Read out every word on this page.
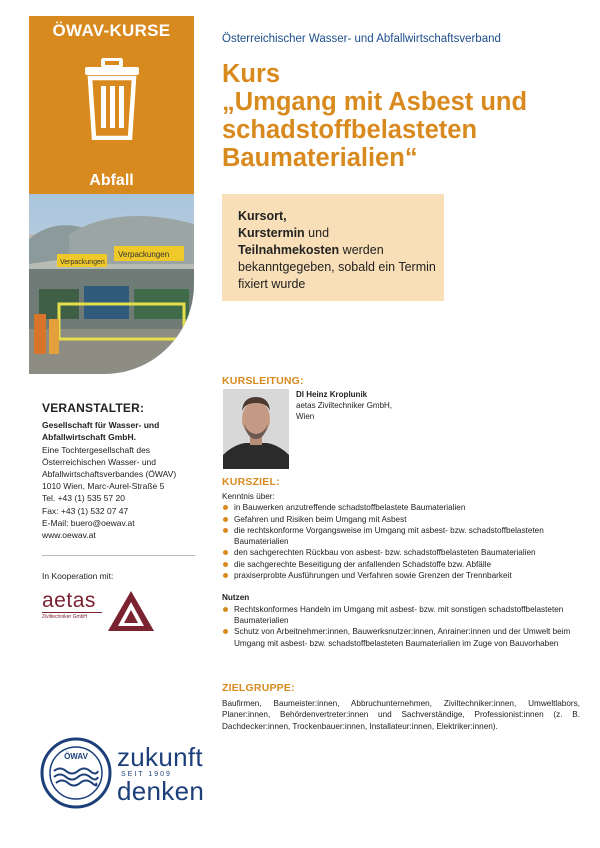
ÖWAV-KURSE
Abfall
Verpackungen
Verpackungen
VERANSTALTER:
Gesellschaft für Wasser- und Abfallwirtschaft GmbH.
Eine Tochtergesellschaft des Österreichischen Wasser- und Abfallwirtschaftsverbandes (ÖWAV)
1010 Wien, Marc-Aurel-Straße 5
Tel. +43 (1) 535 57 20
Fax: +43 (1) 532 07 47
E-Mail: buero@oewav.at
www.oewav.at
In Kooperation mit:
aetas
Ziviltechniker GmbH
ÖWAV zukunft
SEIT 1909
denken
Österreichischer Wasser- und Abfallwirtschaftsverband
Kurs
„Umgang mit Asbest und
schadstoffbelasteten
Baumaterialien“
Kursort,
Kurstermin und
Teilnahmekosten werden bekanntgegeben, sobald ein Termin fixiert wurde
KURSLEITUNG:
DI Heinz Kroplunik
aetas Ziviltechniker GmbH,
Wien
KURSZIEL:
Kenntnis über:
in Bauwerken anzutreffende schadstoffbelastete Baumaterialien
Gefahren und Risiken beim Umgang mit Asbest
die rechtskonforme Vorgangsweise im Umgang mit asbest- bzw. schadstoffbelasteten Baumaterialien
den sachgerechten Rückbau von asbest- bzw. schadstoffbelasteten Baumaterialien
die sachgerechte Beseitigung der anfallenden Schadstoffe bzw. Abfälle
praxiserprobte Ausführungen und Verfahren sowie Grenzen der Trennbarkeit
Nutzen
Rechtskonformes Handeln im Umgang mit asbest- bzw. mit sonstigen schadstoffbelasteten Baumaterialien
Schutz von Arbeitnehmer:innen, Bauwerksnutzer:innen, Anrainer:innen und der Umwelt beim Umgang mit asbest- bzw. schadstoffbelasteten Baumaterialien im Zuge von Bauvorhaben
ZIELGRUPPE:
Bauf‌irmen, Baumeister:innen, Abbruchunternehmen, Ziviltechniker:innen, Umweltlabors, Planer:innen, Behördenvertreter:innen und Sachverständige, Professionist:innen (z. B. Dachdecker:innen, Trockenbauer:innen, Installateur:innen, Elektriker:innen).
